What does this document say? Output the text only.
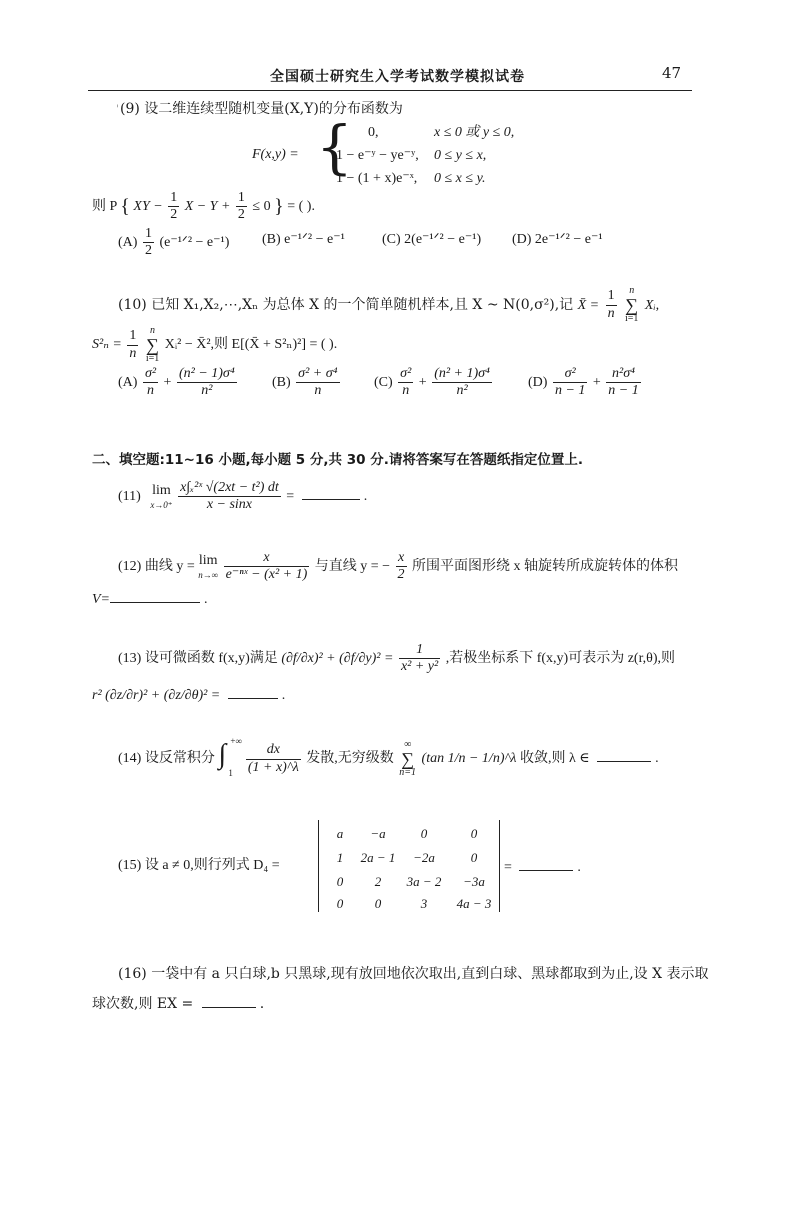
全国硕士研究生入学考试数学模拟试卷	47
' (9) 设二维连续型随机变量(X,Y)的分布函数为
F(x,y) = { 0,	x ≤ 0 或 y ≤ 0,
1 − e⁻ʸ − ye⁻ʸ, 0 ≤ y ≤ x,
1 − (1 + x)e⁻ˣ, 0 ≤ x ≤ y.
则 P { XY − $\frac{1}{2}$ $X - Y + \frac{1}{2} \le 0$ } = ( ).
$(A) \frac{1}{2}$ (e⁻¹ᐟ² − e⁻¹) (B) e⁻¹ᐟ² − e⁻¹	(C) 2(e⁻¹ᐟ² − e⁻¹) (D) 2e⁻¹ᐟ² − e⁻¹
(10) 已知 X₁,X₂,⋯,Xₙ 为总体 X 的一个简单随机样本,且 X ~ N(0,σ²),记 X̄ = $\frac{1}{n}$ n
∑
i=1 Xᵢ,
$S^2_n = \frac{1}{n}$ n
∑
i=1 Xᵢ² − X̄²,则 E[(X̄ + S²ₙ)²] = ( ).
$(A) \frac{\text{σ²}}{n} + \frac{\text{(n² − 1)σ⁴}}{\text{n²}}$	$(B) \frac{\text{σ² + σ⁴}}{n} (C) \frac{\text{σ²}}{n} + \frac{\text{(n² + 1)σ⁴}}{\text{n²}}$	$(D) \frac{\text{σ²}}{n - 1} + \frac{\text{n²σ⁴}}{n - 1}$
二、填空题:11~16 小题,每小题 5 分,共 30 分.请将答案写在答题纸指定位置上.
(11) lim
x→0⁺
$\frac{\text{x∫ₓ²ˣ √(2xt − t²) dt}}{x - \sin x}$ =	.
(12) 曲线 y = lim
n→∞
$\frac{x}{\text{e⁻ⁿˣ − (x² + 1)}}$ 与直线 y = − $\frac{x}{2}$ 所围平面图形绕 x 轴旋转所成旋转体的体积
V=	.
(13) 设可微函数 f(x,y)满足 $(\partial f/\partial x)^2 + (\partial f/\partial y)^2 = \frac{1}{\text{x² + y²}}$ ,若极坐标系下 f(x,y)可表示为 z(r,θ),则
r² (∂z/∂r)² + (∂z/∂θ)² =	.
(14) 设反常积分 ∫ +∞
1
$\frac{dx}{(1 + x)\^{}\lambda}$ 发散,无穷级数 ∞
∑
n=1 (tan 1/n − 1/n)^λ 收敛,则 λ ∈	.
(15) 设 a ≠ 0,则行列式 D₄ =
a	−a	0	0
1	2a − 1	−2a	0
0	2	3a − 2	−3a
0	0	3	4a − 3
=	.
(16) 一袋中有 a 只白球,b 只黑球,现有放回地依次取出,直到白球、黑球都取到为止,设 X 表示取
球次数,则 EX =	.
